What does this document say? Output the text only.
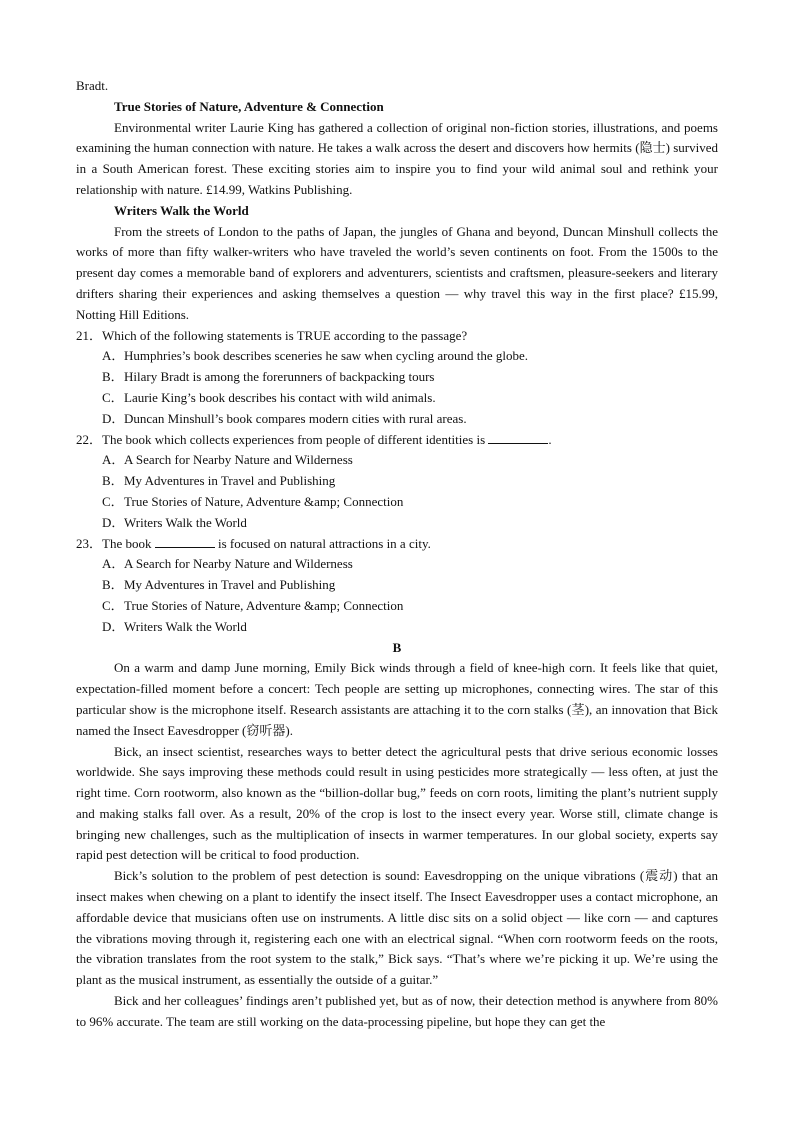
Bradt.

True Stories of Nature, Adventure & Connection

Environmental writer Laurie King has gathered a collection of original non-fiction stories, illustrations, and poems examining the human connection with nature. He takes a walk across the desert and discovers how hermits (隐士) survived in a South American forest. These exciting stories aim to inspire you to find your wild animal soul and rethink your relationship with nature. £14.99, Watkins Publishing.

Writers Walk the World

From the streets of London to the paths of Japan, the jungles of Ghana and beyond, Duncan Minshull collects the works of more than fifty walker-writers who have traveled the world’s seven continents on foot. From the 1500s to the present day comes a memorable band of explorers and adventurers, scientists and craftsmen, pleasure-seekers and literary drifters sharing their experiences and asking themselves a question — why travel this way in the first place? £15.99, Notting Hill Editions.

21．Which of the following statements is TRUE according to the passage?

A．Humphries’s book describes sceneries he saw when cycling around the globe.

B．Hilary Bradt is among the forerunners of backpacking tours

C．Laurie King’s book describes his contact with wild animals.

D．Duncan Minshull’s book compares modern cities with rural areas.

22．The book which collects experiences from people of different identities is	.

A．A Search for Nearby Nature and Wilderness

B．My Adventures in Travel and Publishing

C．True Stories of Nature, Adventure &amp; Connection

D．Writers Walk the World

23．The book	is focused on natural attractions in a city.

A．A Search for Nearby Nature and Wilderness

B．My Adventures in Travel and Publishing

C．True Stories of Nature, Adventure &amp; Connection

D．Writers Walk the World

B

On a warm and damp June morning, Emily Bick winds through a field of knee-high corn. It feels like that quiet, expectation-filled moment before a concert: Tech people are setting up microphones, connecting wires. The star of this particular show is the microphone itself. Research assistants are attaching it to the corn stalks (茎), an innovation that Bick named the Insect Eavesdropper (窃听器).

Bick, an insect scientist, researches ways to better detect the agricultural pests that drive serious economic losses worldwide. She says improving these methods could result in using pesticides more strategically — less often, at just the right time. Corn rootworm, also known as the “billion-dollar bug,” feeds on corn roots, limiting the plant’s nutrient supply and making stalks fall over. As a result, 20% of the crop is lost to the insect every year. Worse still, climate change is bringing new challenges, such as the multiplication of insects in warmer temperatures. In our global society, experts say rapid pest detection will be critical to food production.

Bick’s solution to the problem of pest detection is sound: Eavesdropping on the unique vibrations (震动) that an insect makes when chewing on a plant to identify the insect itself. The Insect Eavesdropper uses a contact microphone, an affordable device that musicians often use on instruments. A little disc sits on a solid object — like corn — and captures the vibrations moving through it, registering each one with an electrical signal. “When corn rootworm feeds on the roots, the vibration translates from the root system to the stalk,” Bick says. “That’s where we’re picking it up. We’re using the plant as the musical instrument, as essentially the outside of a guitar.”

Bick and her colleagues’ findings aren’t published yet, but as of now, their detection method is anywhere from 80% to 96% accurate. The team are still working on the data-processing pipeline, but hope they can get the
